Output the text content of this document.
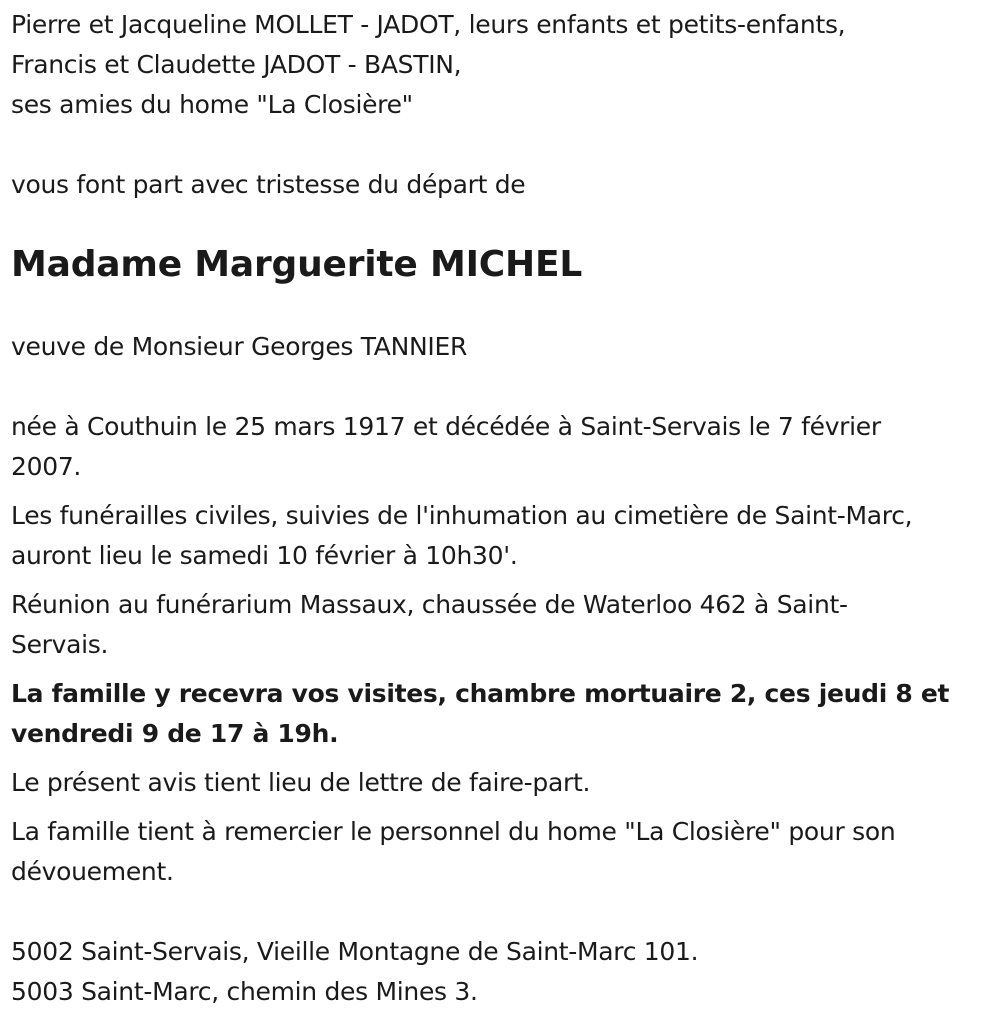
Pierre et Jacqueline MOLLET - JADOT, leurs enfants et petits-enfants,
Francis et Claudette JADOT - BASTIN,
ses amies du home "La Closière"
vous font part avec tristesse du départ de
Madame Marguerite MICHEL
veuve de Monsieur Georges TANNIER
née à Couthuin le 25 mars 1917 et décédée à Saint-Servais le 7 février
2007.
Les funérailles civiles, suivies de l'inhumation au cimetière de Saint-Marc,
auront lieu le samedi 10 février à 10h30'.
Réunion au funérarium Massaux, chaussée de Waterloo 462 à Saint-
Servais.
La famille y recevra vos visites, chambre mortuaire 2, ces jeudi 8 et
vendredi 9 de 17 à 19h.
Le présent avis tient lieu de lettre de faire-part.
La famille tient à remercier le personnel du home "La Closière" pour son
dévouement.
5002 Saint-Servais, Vieille Montagne de Saint-Marc 101.
5003 Saint-Marc, chemin des Mines 3.
